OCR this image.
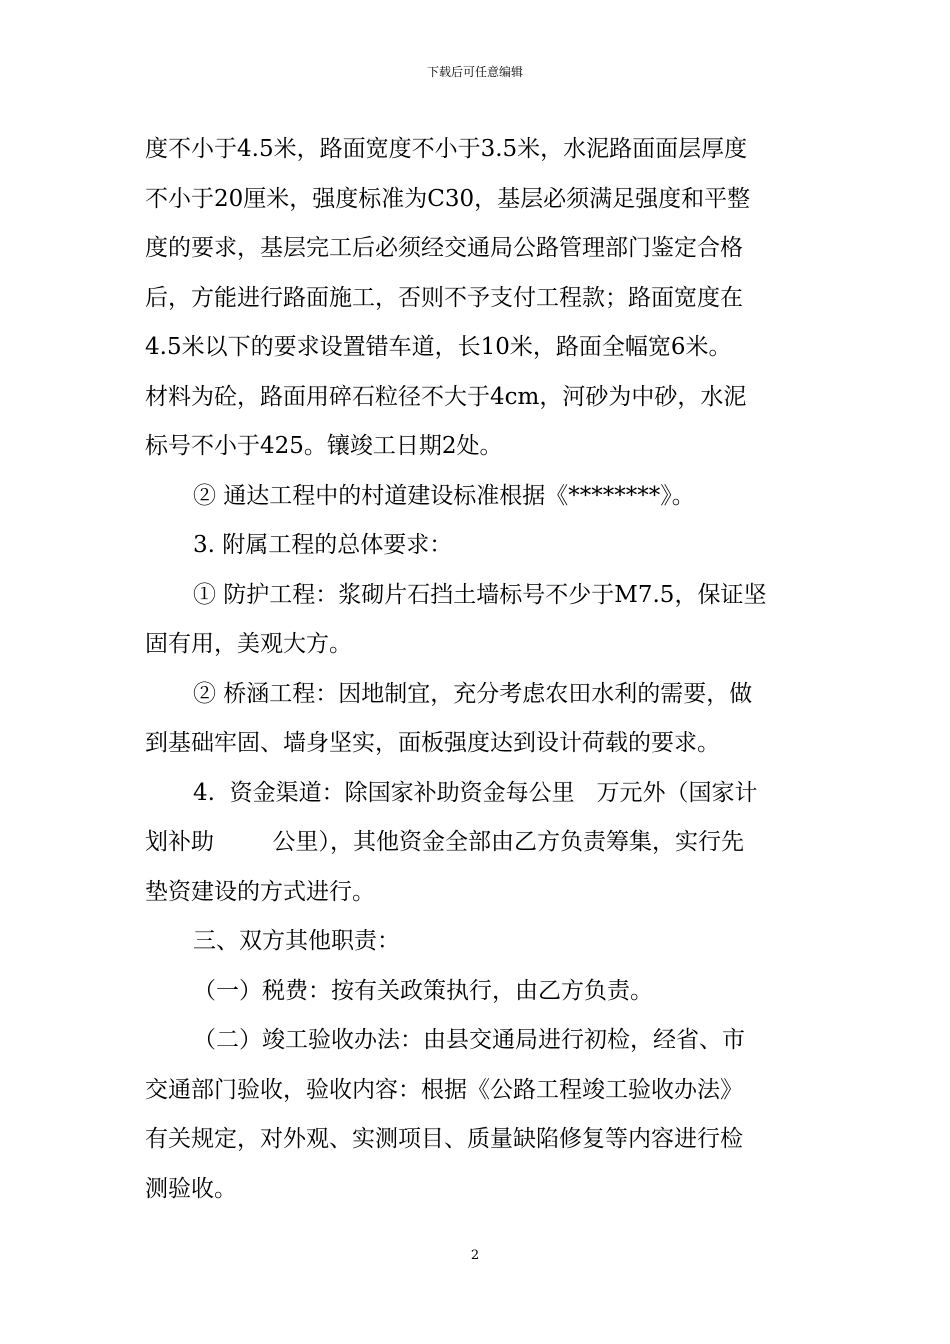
下载后可任意编辑
度不小于4.5米，路面宽度不小于3.5米，水泥路面面层厚度
不小于20厘米，强度标准为C30，基层必须满足强度和平整
度的要求，基层完工后必须经交通局公路管理部门鉴定合格
后，方能进行路面施工，否则不予支付工程款；路面宽度在
4.5米以下的要求设置错车道，长10米，路面全幅宽6米。
材料为砼，路面用碎石粒径不大于4cm，河砂为中砂，水泥
标号不小于425。镶竣工日期2处。
② 通达工程中的村道建设标准根据《********》。
3. 附属工程的总体要求：
① 防护工程：浆砌片石挡土墙标号不少于M7.5，保证坚
固有用，美观大方。
② 桥涵工程：因地制宜，充分考虑农田水利的需要，做
到基础牢固、墙身坚实，面板强度达到设计荷载的要求。
4.  资金渠道：除国家补助资金每公里   万元外（国家计
划补助        公里），其他资金全部由乙方负责筹集，实行先
垫资建设的方式进行。
三、双方其他职责：
（一）税费：按有关政策执行，由乙方负责。
（二）竣工验收办法：由县交通局进行初检，经省、市
交通部门验收，验收内容：根据《公路工程竣工验收办法》
有关规定，对外观、实测项目、质量缺陷修复等内容进行检
测验收。
2
